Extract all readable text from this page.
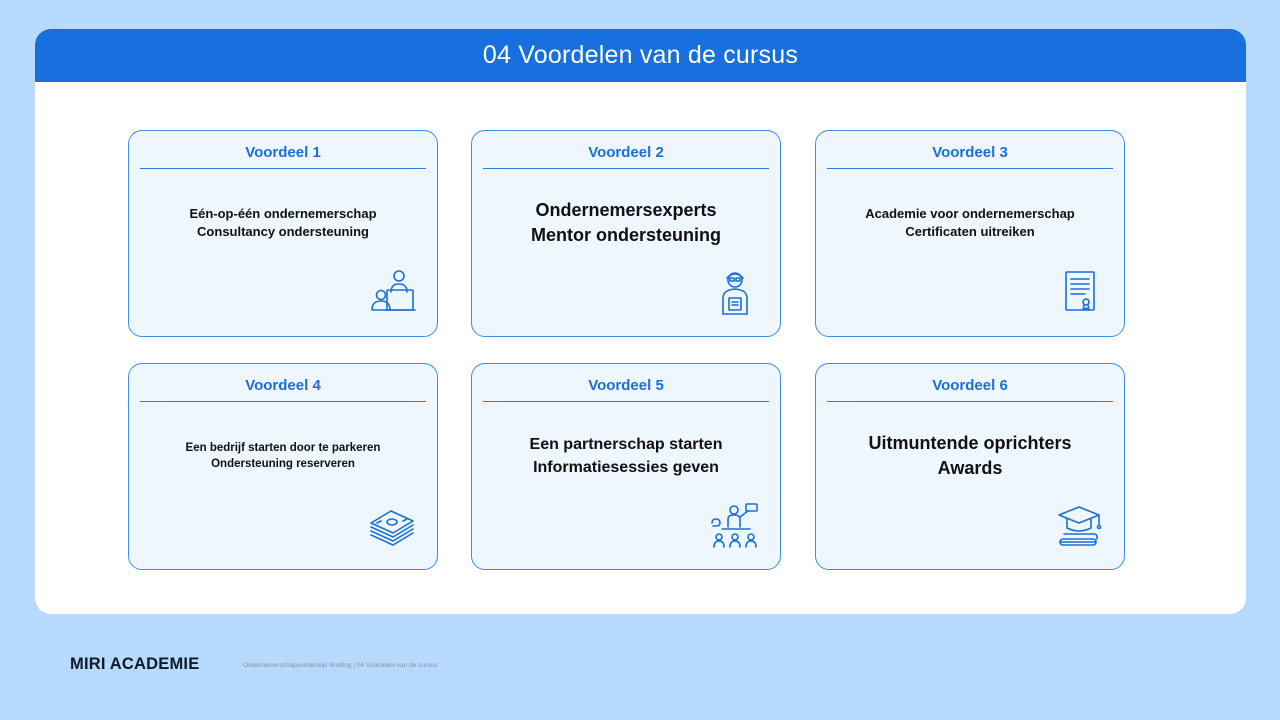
04 Voordelen van de cursus
Voordeel 1
Eén-op-één ondernemerschap
Consultancy ondersteuning
Voordeel 2
Ondernemersexperts
Mentor ondersteuning
Voordeel 3
Academie voor ondernemerschap
Certificaten uitreiken
Voordeel 4
Een bedrijf starten door te parkeren
Ondersteuning reserveren
Voordeel 5
Een partnerschap starten
Informatiesessies geven
Voordeel 6
Uitmuntende oprichters
Awards
MIRI ACADEMIE	Ondernemerschapsonderwijs Briefing | 04 Voordelen van de cursus
